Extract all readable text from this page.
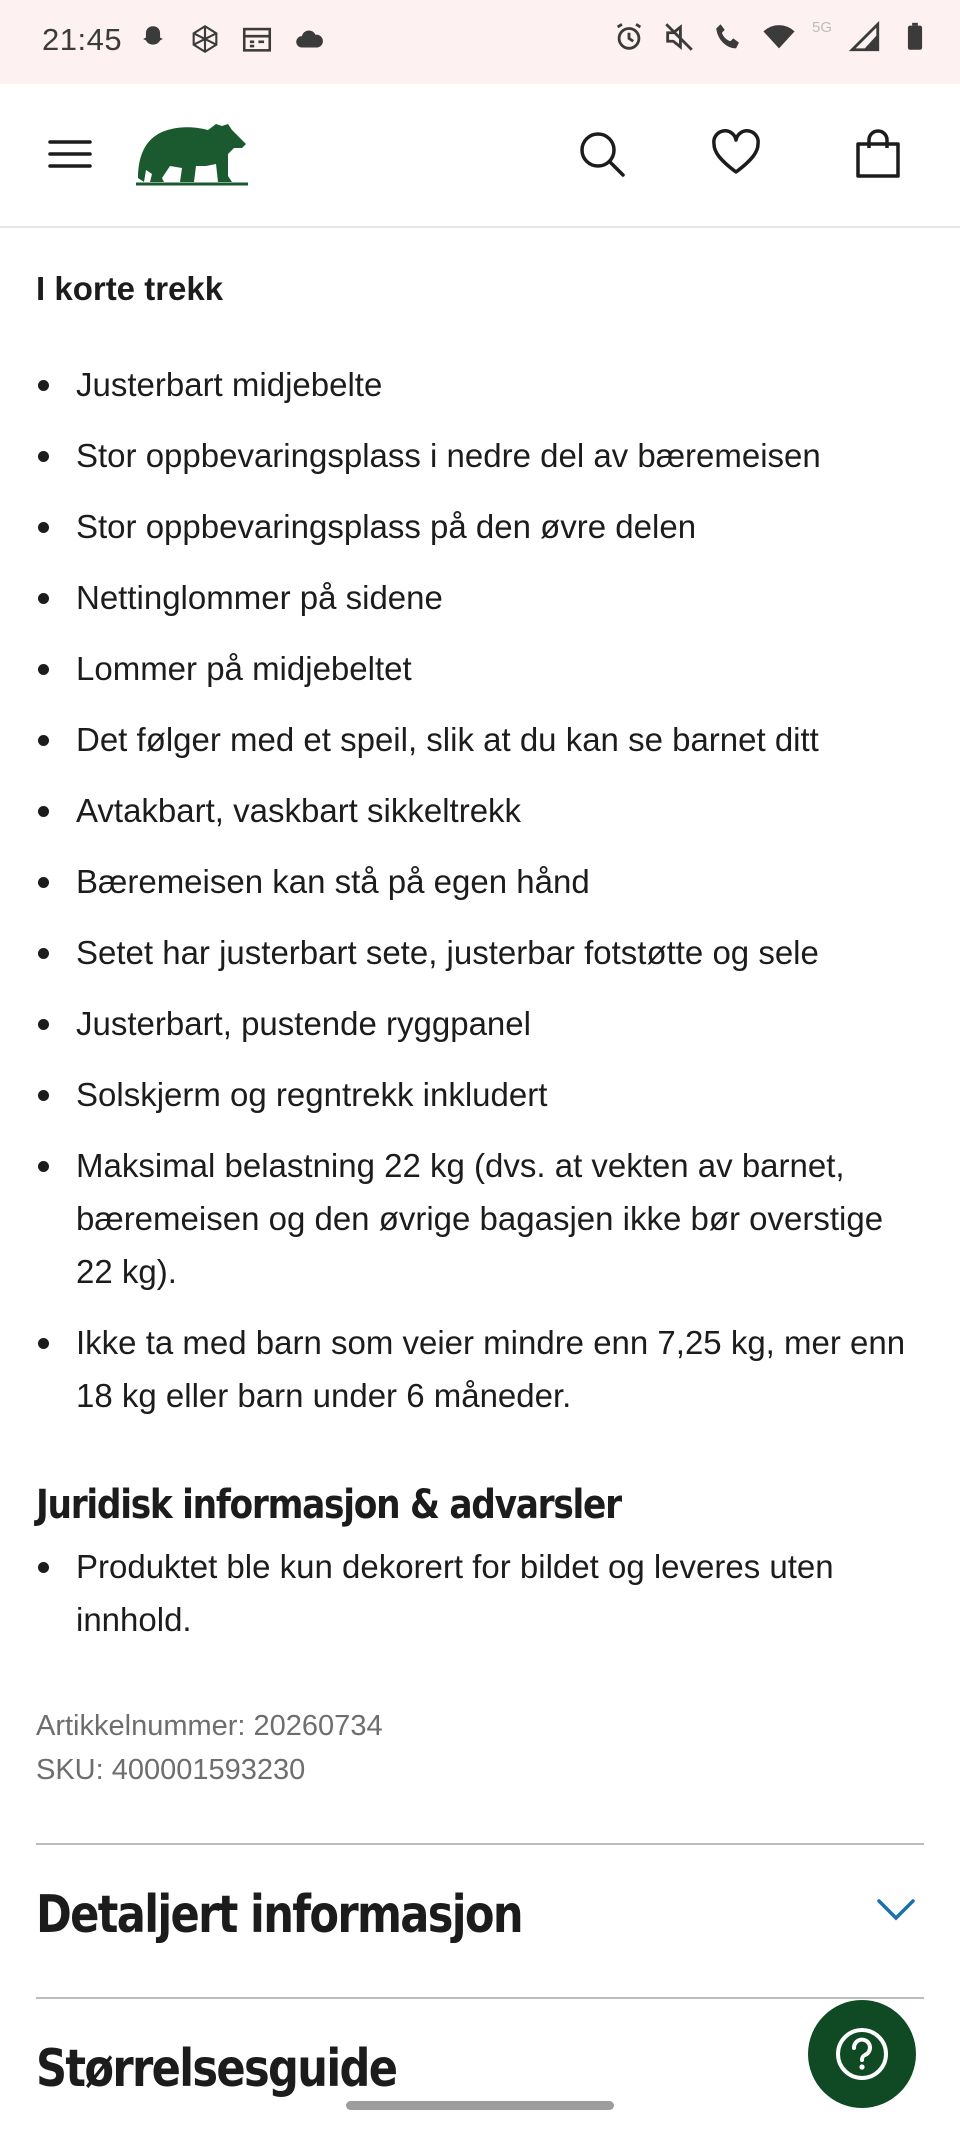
21:45	5G
I korte trekk
Justerbart midjebelte
Stor oppbevaringsplass i nedre del av bæremeisen
Stor oppbevaringsplass på den øvre delen
Nettinglommer på sidene
Lommer på midjebeltet
Det følger med et speil, slik at du kan se barnet ditt
Avtakbart, vaskbart sikkeltrekk
Bæremeisen kan stå på egen hånd
Setet har justerbart sete, justerbar fotstøtte og sele
Justerbart, pustende ryggpanel
Solskjerm og regntrekk inkludert
Maksimal belastning 22 kg (dvs. at vekten av barnet, bæremeisen og den øvrige bagasjen ikke bør overstige 22 kg).
Ikke ta med barn som veier mindre enn 7,25 kg, mer enn 18 kg eller barn under 6 måneder.
Juridisk informasjon & advarsler
Produktet ble kun dekorert for bildet og leveres uten innhold.
Artikkelnummer: 20260734
SKU: 400001593230
Detaljert informasjon
Størrelsesguide
